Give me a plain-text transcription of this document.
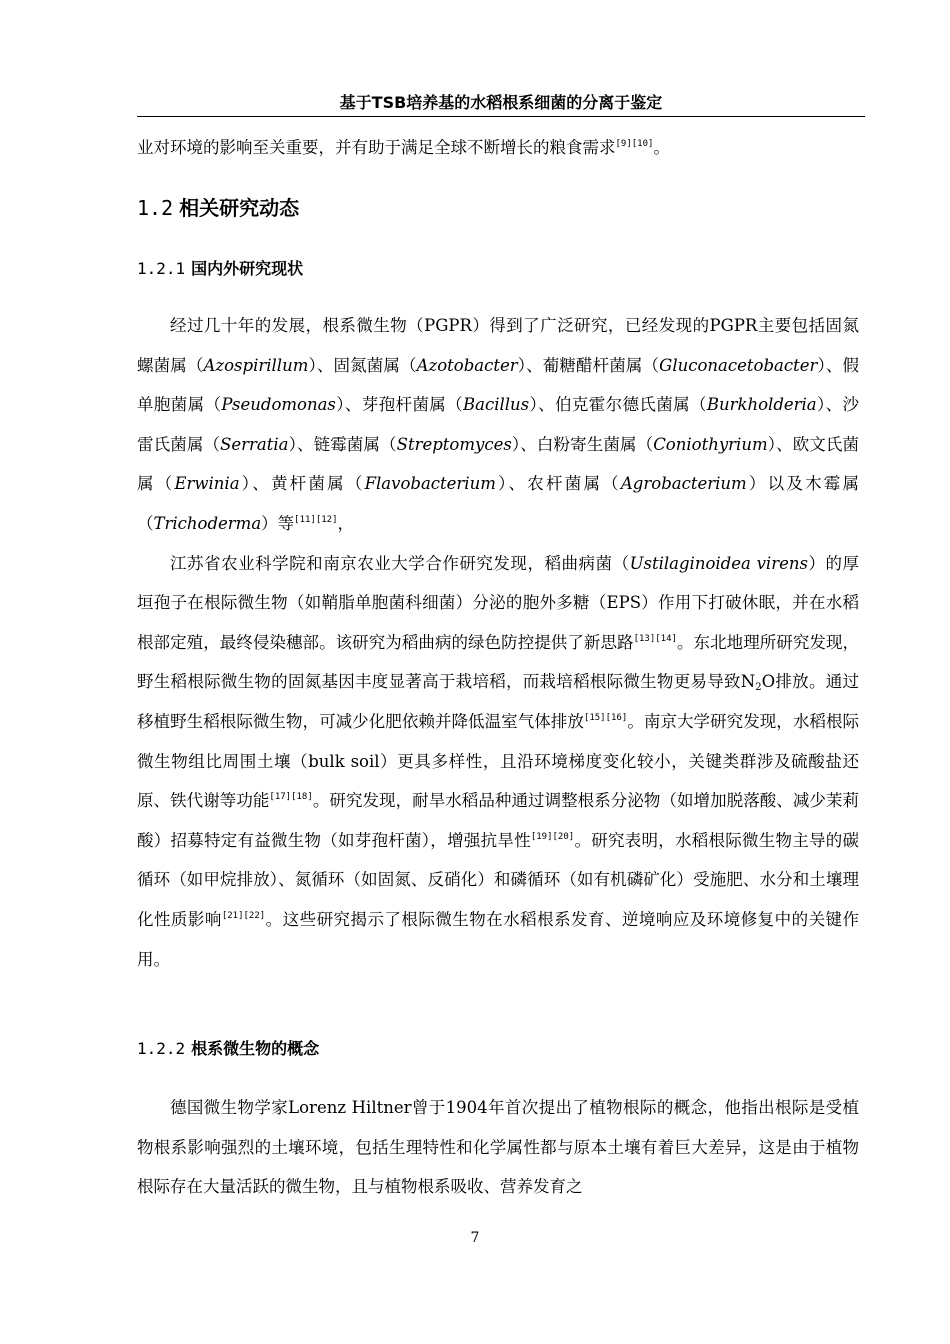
基于TSB培养基的水稻根系细菌的分离于鉴定

业对环境的影响至关重要，并有助于满足全球不断增长的粮食需求[9][10]。

1.2 相关研究动态
1.2.1 国内外研究现状

经过几十年的发展，根系微生物（PGPR）得到了广泛研究，已经发现的PGPR主要包括固氮螺菌属（Azospirillum）、固氮菌属（Azotobacter）、葡糖醋杆菌属（Gluconacetobacter）、假单胞菌属（Pseudomonas）、芽孢杆菌属（Bacillus）、伯克霍尔德氏菌属（Burkholderia）、沙雷氏菌属（Serratia）、链霉菌属（Streptomyces）、白粉寄生菌属（Coniothyrium）、欧文氏菌属（Erwinia）、黄杆菌属（Flavobacterium）、农杆菌属（Agrobacterium）以及木霉属（Trichoderma）等[11][12]，

江苏省农业科学院和南京农业大学合作研究发现，稻曲病菌（Ustilaginoidea virens）的厚垣孢子在根际微生物（如鞘脂单胞菌科细菌）分泌的胞外多糖（EPS）作用下打破休眠，并在水稻根部定殖，最终侵染穗部。该研究为稻曲病的绿色防控提供了新思路[13][14]。东北地理所研究发现，野生稻根际微生物的固氮基因丰度显著高于栽培稻，而栽培稻根际微生物更易导致$N_2O$排放。通过移植野生稻根际微生物，可减少化肥依赖并降低温室气体排放[15][16]。南京大学研究发现，水稻根际微生物组比周围土壤（bulk soil）更具多样性，且沿环境梯度变化较小，关键类群涉及硫酸盐还原、铁代谢等功能[17][18]。研究发现，耐旱水稻品种通过调整根系分泌物（如增加脱落酸、减少茉莉酸）招募特定有益微生物（如芽孢杆菌），增强抗旱性[19][20]。研究表明，水稻根际微生物主导的碳循环（如甲烷排放）、氮循环（如固氮、反硝化）和磷循环（如有机磷矿化）受施肥、水分和土壤理化性质影响[21][22]。这些研究揭示了根际微生物在水稻根系发育、逆境响应及环境修复中的关键作用。

1.2.2 根系微生物的概念

德国微生物学家Lorenz Hiltner曾于1904年首次提出了植物根际的概念，他指出根际是受植物根系影响强烈的土壤环境，包括生理特性和化学属性都与原本土壤有着巨大差异，这是由于植物根际存在大量活跃的微生物，且与植物根系吸收、营养发育之

7
